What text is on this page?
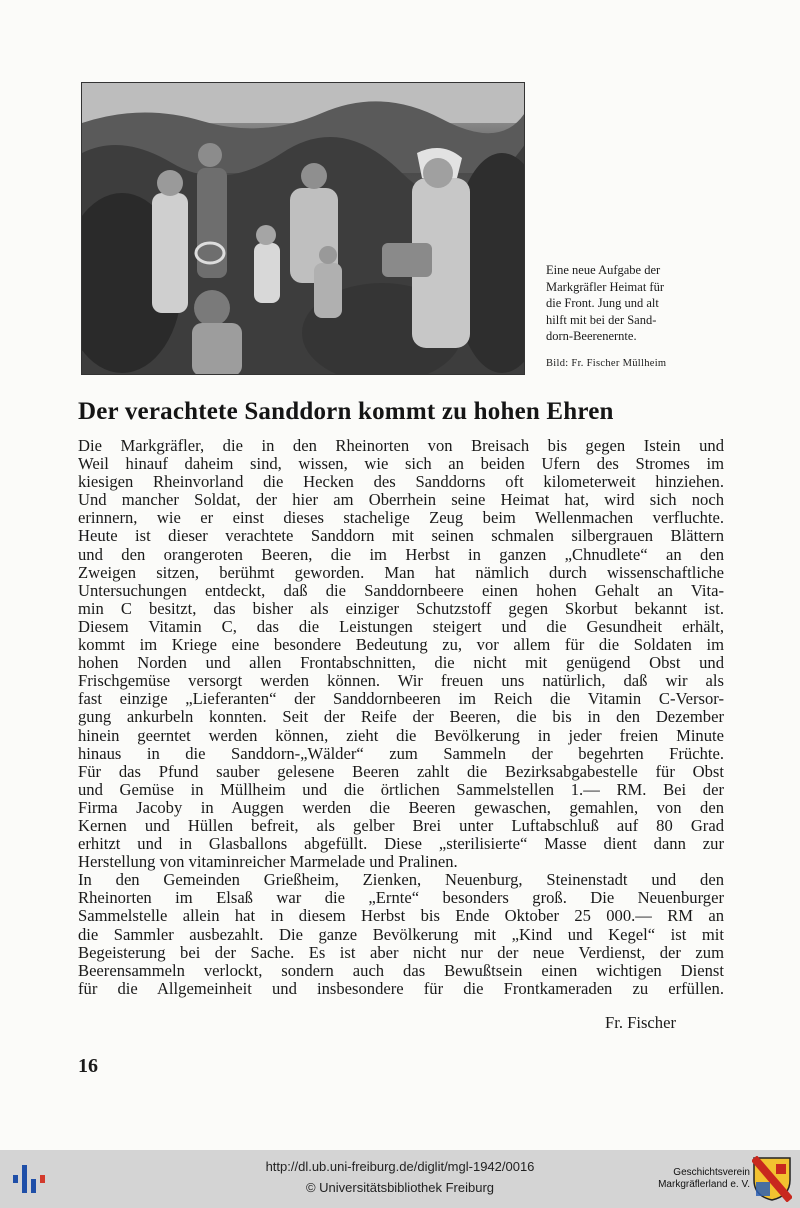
Eine neue Aufgabe der
Markgräfler Heimat für
die Front. Jung und alt
hilft mit bei der Sand-
dorn-Beerenernte.
Bild: Fr. Fischer Müllheim
Der verachtete Sanddorn kommt zu hohen Ehren
Die Markgräfler, die in den Rheinorten von Breisach bis gegen Istein und
Weil hinauf daheim sind, wissen, wie sich an beiden Ufern des Stromes im
kiesigen Rheinvorland die Hecken des Sanddorns oft kilometerweit hinziehen.
Und mancher Soldat, der hier am Oberrhein seine Heimat hat, wird sich noch
erinnern, wie er einst dieses stachelige Zeug beim Wellenmachen verfluchte.
Heute ist dieser verachtete Sanddorn mit seinen schmalen silbergrauen Blättern
und den orangeroten Beeren, die im Herbst in ganzen „Chnudlete“ an den
Zweigen sitzen, berühmt geworden. Man hat nämlich durch wissenschaftliche
Untersuchungen entdeckt, daß die Sanddornbeere einen hohen Gehalt an Vita-
min C besitzt, das bisher als einziger Schutzstoff gegen Skorbut bekannt ist.
Diesem Vitamin C, das die Leistungen steigert und die Gesundheit erhält,
kommt im Kriege eine besondere Bedeutung zu, vor allem für die Soldaten im
hohen Norden und allen Frontabschnitten, die nicht mit genügend Obst und
Frischgemüse versorgt werden können. Wir freuen uns natürlich, daß wir als
fast einzige „Lieferanten“ der Sanddornbeeren im Reich die Vitamin C-Versor-
gung ankurbeln konnten. Seit der Reife der Beeren, die bis in den Dezember
hinein geerntet werden können, zieht die Bevölkerung in jeder freien Minute
hinaus in die Sanddorn-„Wälder“ zum Sammeln der begehrten Früchte.
Für das Pfund sauber gelesene Beeren zahlt die Bezirksabgabestelle für Obst
und Gemüse in Müllheim und die örtlichen Sammelstellen 1.— RM. Bei der
Firma Jacoby in Auggen werden die Beeren gewaschen, gemahlen, von den
Kernen und Hüllen befreit, als gelber Brei unter Luftabschluß auf 80 Grad
erhitzt und in Glasballons abgefüllt. Diese „sterilisierte“ Masse dient dann zur
Herstellung von vitaminreicher Marmelade und Pralinen.
In den Gemeinden Grießheim, Zienken, Neuenburg, Steinenstadt und den
Rheinorten im Elsaß war die „Ernte“ besonders groß. Die Neuenburger
Sammelstelle allein hat in diesem Herbst bis Ende Oktober 25 000.— RM an
die Sammler ausbezahlt. Die ganze Bevölkerung mit „Kind und Kegel“ ist mit
Begeisterung bei der Sache. Es ist aber nicht nur der neue Verdienst, der zum
Beerensammeln verlockt, sondern auch das Bewußtsein einen wichtigen Dienst
für die Allgemeinheit und insbesondere für die Frontkameraden zu erfüllen.
Fr. Fischer
16
http://dl.ub.uni-freiburg.de/diglit/mgl-1942/0016
© Universitätsbibliothek Freiburg
Geschichtsverein
Markgräflerland e. V.
